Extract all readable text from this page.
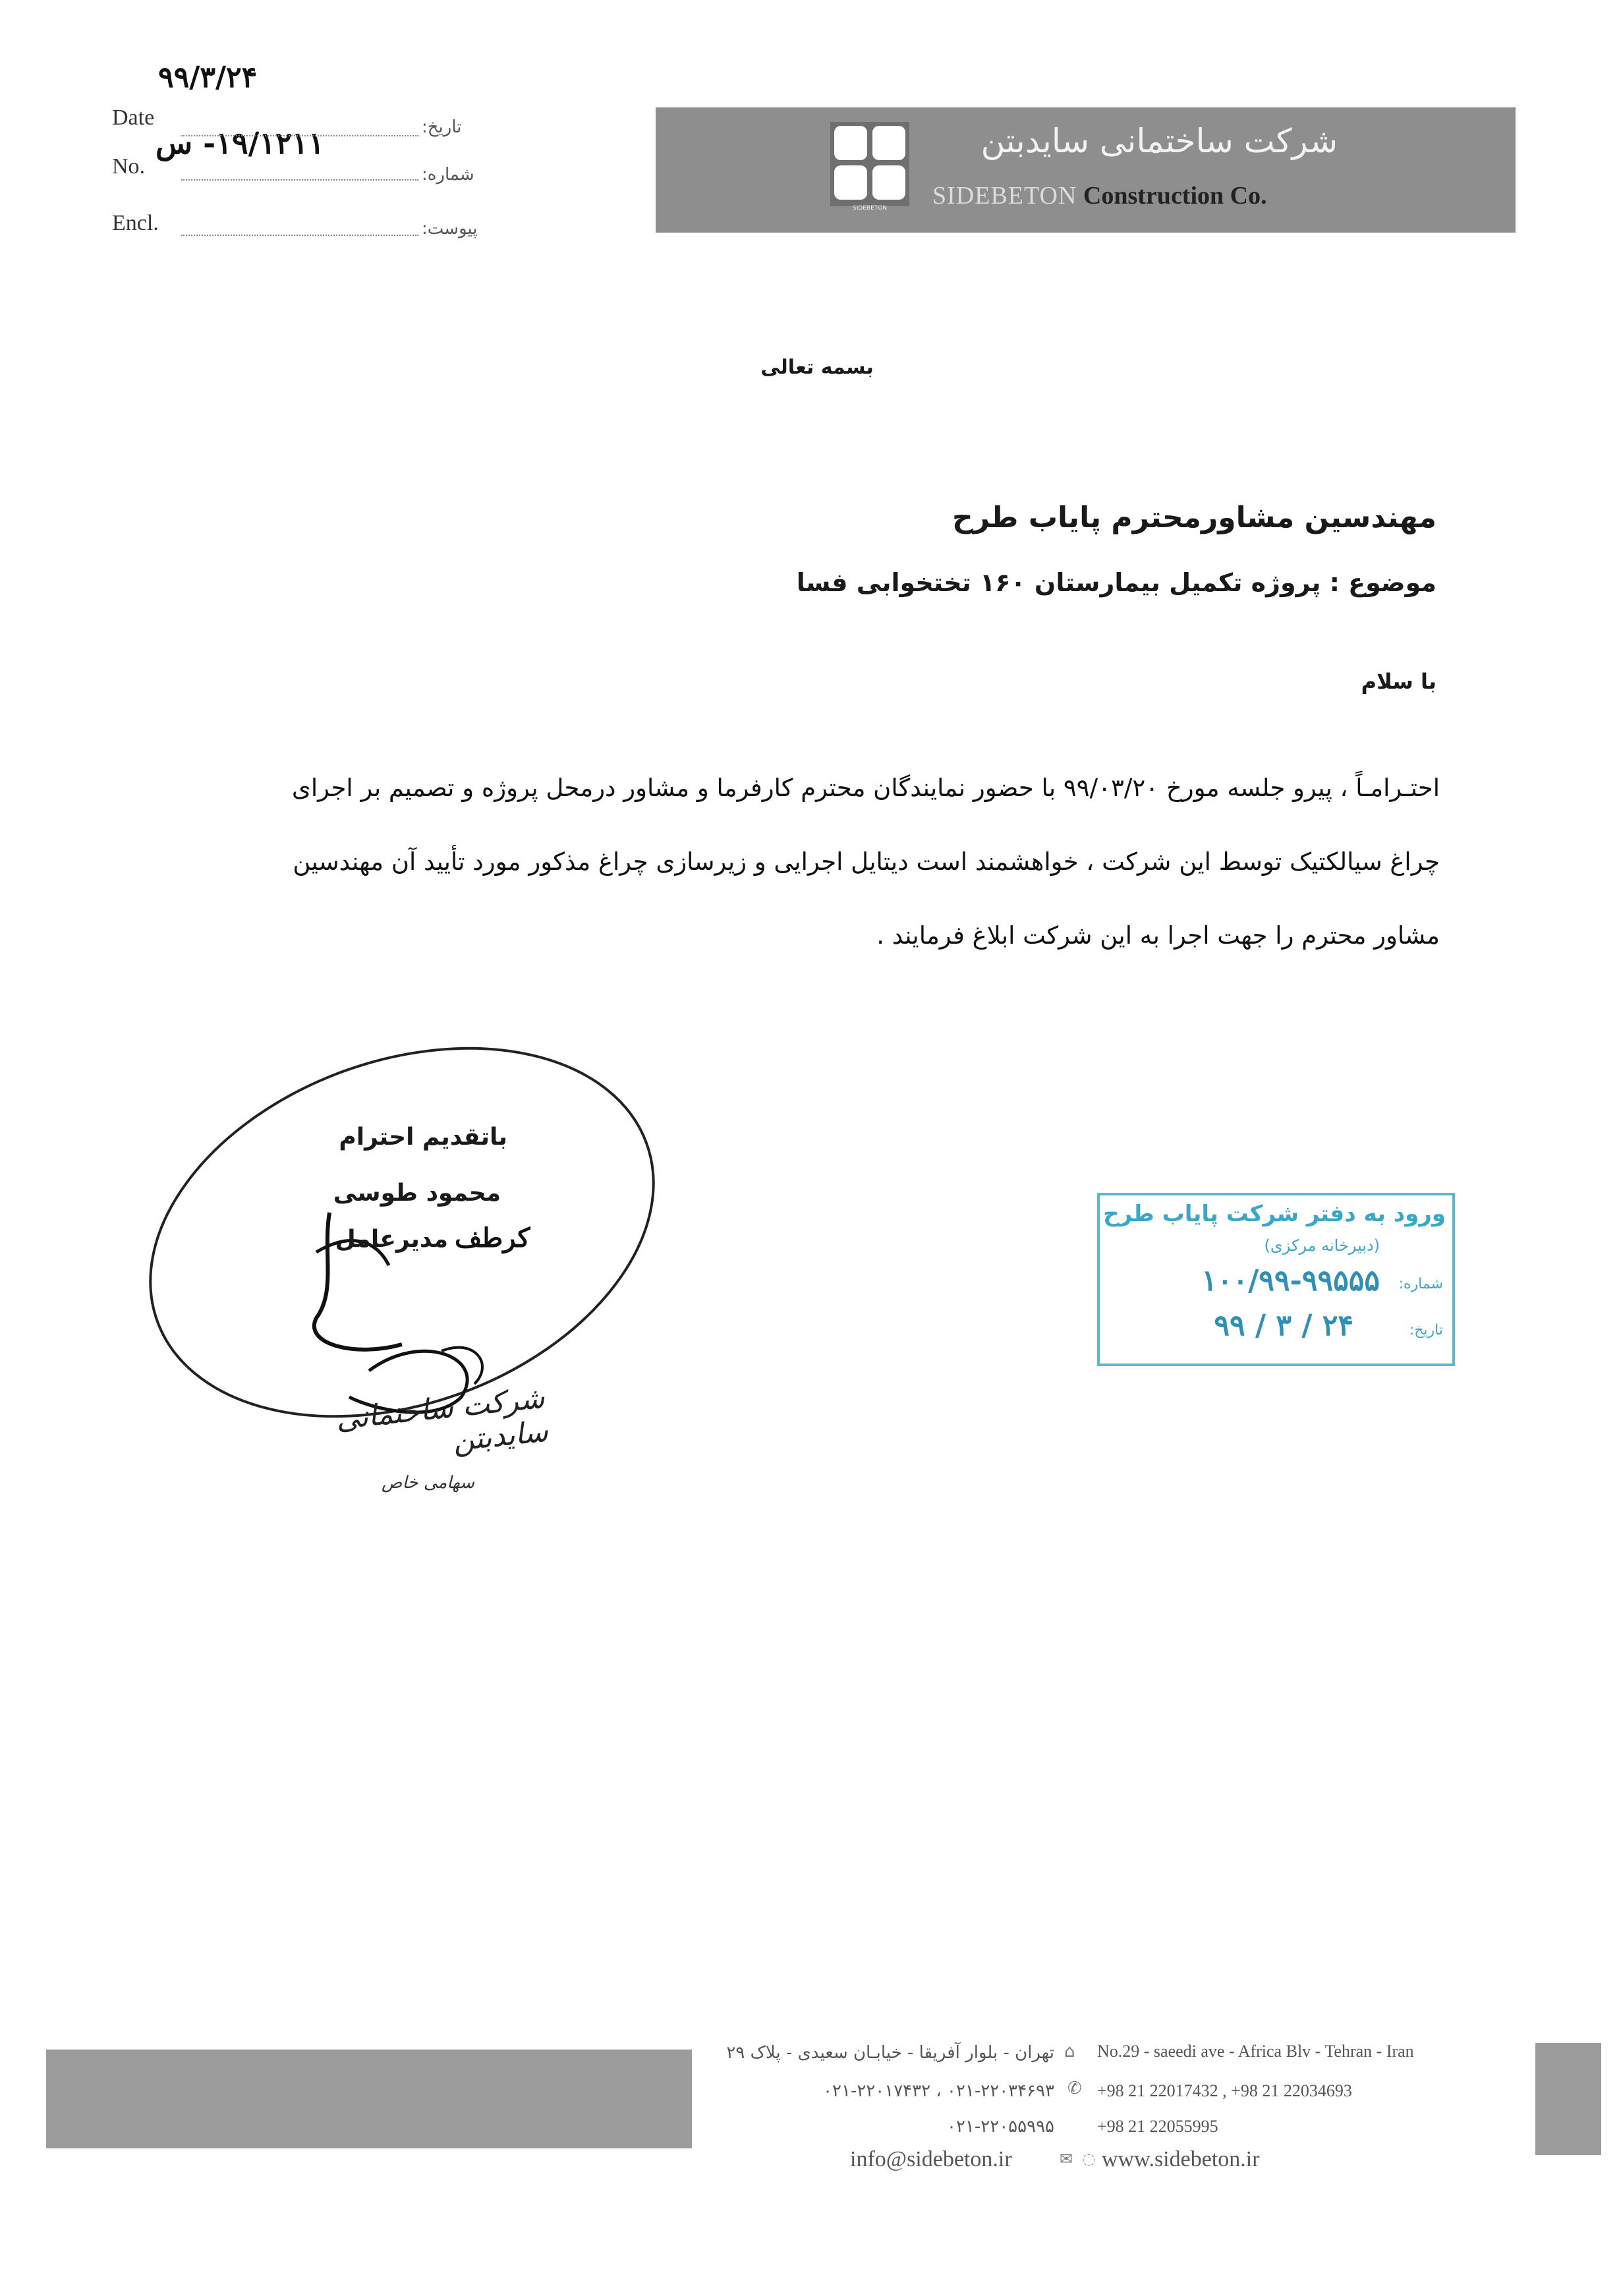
۹۹/۳/۲۴
Date
۱۹/۱۲۱۱- س
No.
Encl.
تاریخ:
شماره:
پیوست:
SIDEBETON
شرکت ساختمانی سایدبتن
SIDEBETON Construction Co.
بسمه تعالی
مهندسین مشاورمحترم پایاب طرح
موضوع : پروژه تکمیل بیمارستان ۱۶۰ تختخوابی فسا
با سلام
احتـرامـاً ، پیرو جلسه مورخ ۹۹/۰۳/۲۰ با حضور نمایندگان محترم کارفرما و مشاور درمحل پروژه و تصمیم بر اجرای
چراغ سیالکتیک توسط این شرکت ، خواهشمند است دیتایل اجرایی و زیرسازی چراغ مذکور مورد تأیید آن مهندسین
مشاور محترم را جهت اجرا به این شرکت ابلاغ فرمایند .
باتقدیم احترام
محمود طوسی
مدیرعامل کرطف
شرکت ساختمانی سایدبتن
سهامی خاص
ورود به دفتر شرکت پایاب طرح
(دبیرخانه مرکزی)
شماره:
۱۰۰/۹۹-۹۹۵۵۵
تاریخ:
۹۹ / ۳ / ۲۴
تهران - بلوار آفریقا - خیابـان سعیدی - پلاک ۲۹ ⌂ No.29 - saeedi ave - Africa Blv - Tehran - Iran
۰۲۱-۲۲۰۳۴۶۹۳ ، ۰۲۱-۲۲۰۱۷۴۳۲ ✆ +98 21 22017432 , +98 21 22034693
۰۲۱-۲۲۰۵۵۹۹۵	+98 21 22055995
info@sidebeton.ir	✉ ◌ www.sidebeton.ir
